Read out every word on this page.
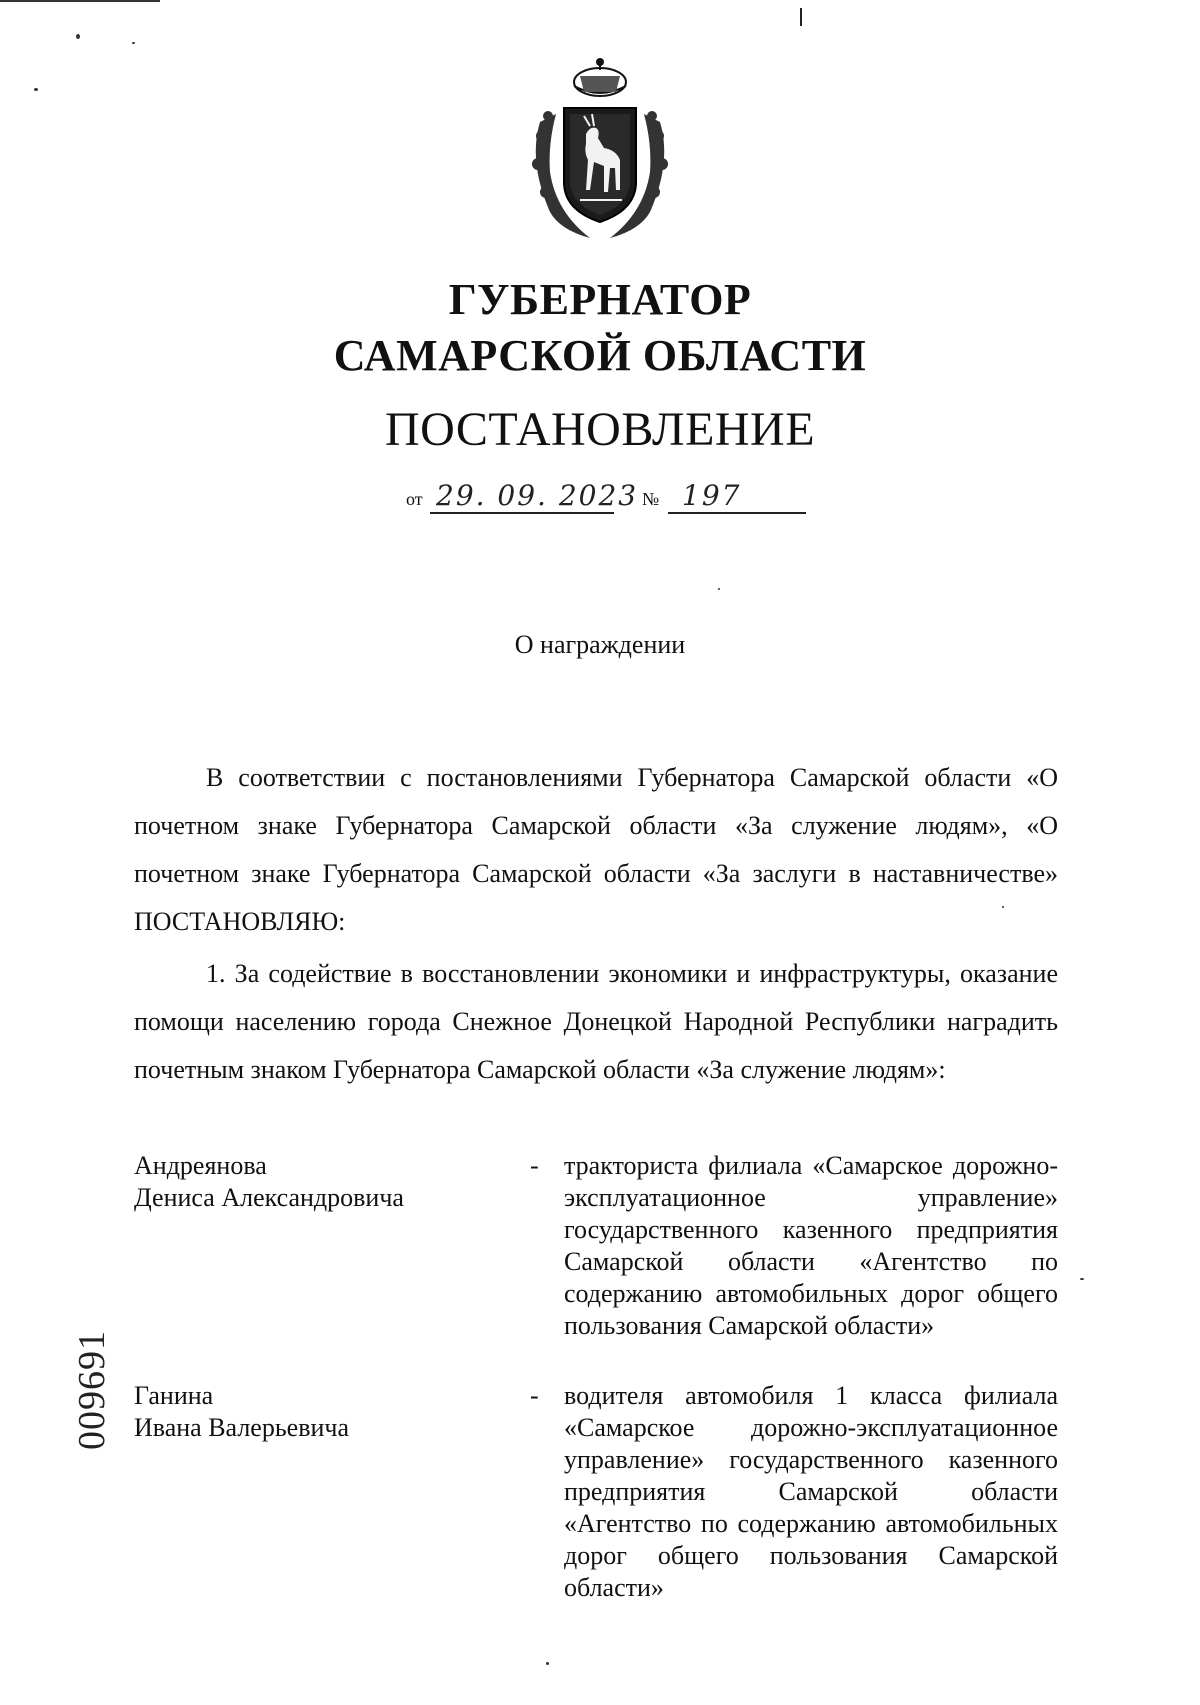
ГУБЕРНАТОР
САМАРСКОЙ ОБЛАСТИ
ПОСТАНОВЛЕНИЕ
от 29. 09. 2023 № 197
О награждении
В соответствии с постановлениями Губернатора Самарской области «О почетном знаке Губернатора Самарской области «За служение людям», «О почетном знаке Губернатора Самарской области «За заслуги в наставничестве» ПОСТАНОВЛЯЮ:
1. За содействие в восстановлении экономики и инфраструктуры, оказание помощи населению города Снежное Донецкой Народной Республики наградить почетным знаком Губернатора Самарской области «За служение людям»:
Андреянова
Дениса Александровича
- тракториста филиала «Самарское дорожно-эксплуатационное управление» государственного казенного предприятия Самарской области «Агентство по содержанию автомобильных дорог общего пользования Самарской области»
Ганина
Ивана Валерьевича
- водителя автомобиля 1 класса филиала «Самарское дорожно-эксплуатационное управление» государственного казенного предприятия Самарской области «Агентство по содержанию автомобильных дорог общего пользования Самарской области»
009691
